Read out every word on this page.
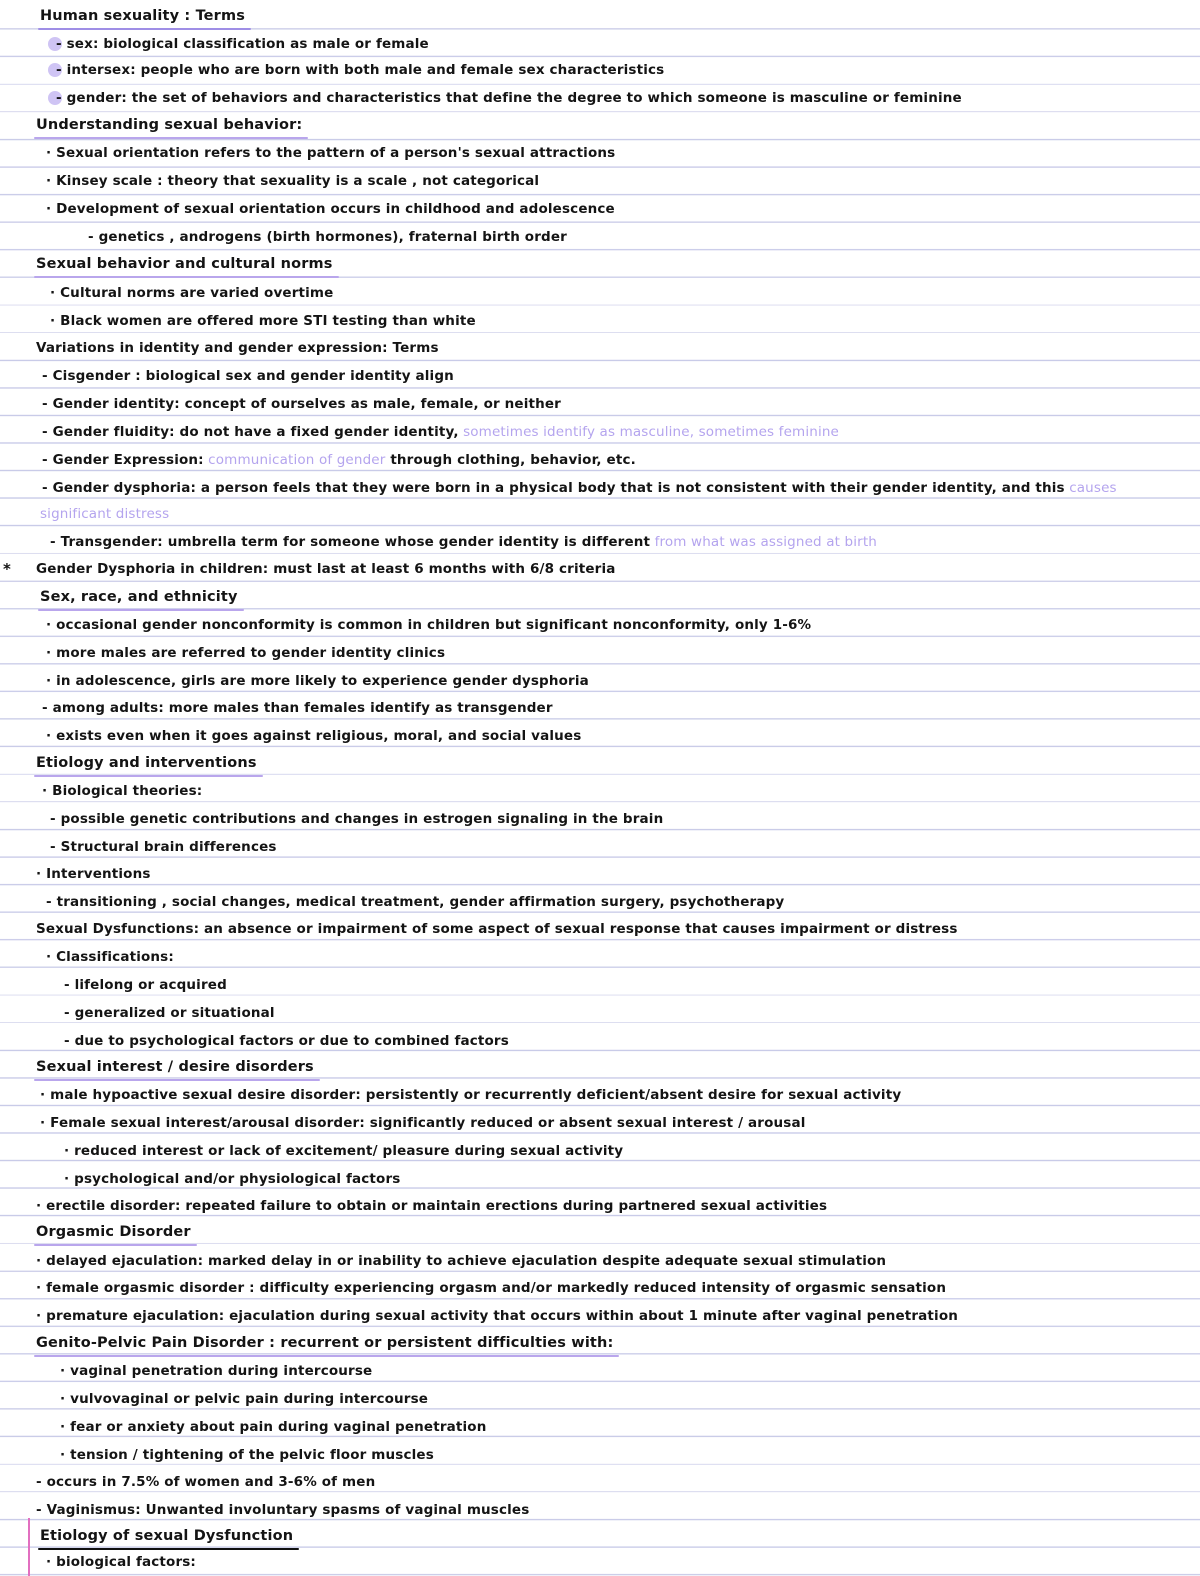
Human sexuality : Terms
- sex: biological classification as male or female
- intersex: people who are born with both male and female sex characteristics
- gender: the set of behaviors and characteristics that define the degree to which someone is masculine or feminine
Understanding sexual behavior:
· Sexual orientation refers to the pattern of a person's sexual attractions
· Kinsey scale : theory that sexuality is a scale , not categorical
· Development of sexual orientation occurs in childhood and adolescence
- genetics , androgens (birth hormones), fraternal birth order
Sexual behavior and cultural norms
· Cultural norms are varied overtime
· Black women are offered more STI testing than white
Variations in identity and gender expression: Terms
- Cisgender : biological sex and gender identity align
- Gender identity: concept of ourselves as male, female, or neither
- Gender fluidity: do not have a fixed gender identity, sometimes identify as masculine, sometimes feminine
- Gender Expression: communication of gender through clothing, behavior, etc.
- Gender dysphoria: a person feels that they were born in a physical body that is not consistent with their gender identity, and this causes
significant distress
- Transgender: umbrella term for someone whose gender identity is different from what was assigned at birth
Gender Dysphoria in children: must last at least 6 months with 6/8 criteria
*
Sex, race, and ethnicity
· occasional gender nonconformity is common in children but significant nonconformity, only 1-6%
· more males are referred to gender identity clinics
· in adolescence, girls are more likely to experience gender dysphoria
- among adults: more males than females identify as transgender
· exists even when it goes against religious, moral, and social values
Etiology and interventions
· Biological theories:
- possible genetic contributions and changes in estrogen signaling in the brain
- Structural brain differences
· Interventions
- transitioning , social changes, medical treatment, gender affirmation surgery, psychotherapy
Sexual Dysfunctions: an absence or impairment of some aspect of sexual response that causes impairment or distress
· Classifications:
- lifelong or acquired
- generalized or situational
- due to psychological factors or due to combined factors
Sexual interest / desire disorders
· male hypoactive sexual desire disorder: persistently or recurrently deficient/absent desire for sexual activity
· Female sexual interest/arousal disorder: significantly reduced or absent sexual interest / arousal
· reduced interest or lack of excitement/ pleasure during sexual activity
· psychological and/or physiological factors
· erectile disorder: repeated failure to obtain or maintain erections during partnered sexual activities
Orgasmic Disorder
· delayed ejaculation: marked delay in or inability to achieve ejaculation despite adequate sexual stimulation
· female orgasmic disorder : difficulty experiencing orgasm and/or markedly reduced intensity of orgasmic sensation
· premature ejaculation: ejaculation during sexual activity that occurs within about 1 minute after vaginal penetration
Genito-Pelvic Pain Disorder : recurrent or persistent difficulties with:
· vaginal penetration during intercourse
· vulvovaginal or pelvic pain during intercourse
· fear or anxiety about pain during vaginal penetration
· tension / tightening of the pelvic floor muscles
- occurs in 7.5% of women and 3-6% of men
- Vaginismus: Unwanted involuntary spasms of vaginal muscles
Etiology of sexual Dysfunction
· biological factors:
